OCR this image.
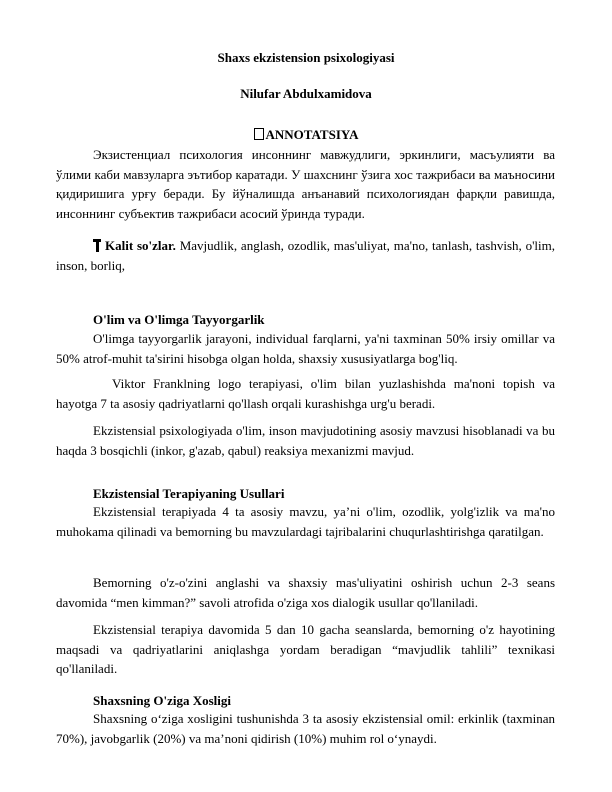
Shaxs ekzistension psixologiyasi
Nilufar Abdulxamidova
ANNOTATSIYA
Экзистенциал психология инсоннинг мавжудлиги, эркинлиги, масъулияти ва ўлими каби мавзуларга эътибор каратади. У шахснинг ўзига хос тажрибаси ва маъносини қидиришига урғу беради. Бу йўналишда анъанавий психологиядан фарқли равишда, инсоннинг субъектив тажрибаси асосий ўринда туради.
Kalit so'zlar. Mavjudlik, anglash, ozodlik, mas'uliyat, ma'no, tanlash, tashvish, o'lim, inson, borliq,
O'lim va O'limga Tayyorgarlik
O'limga tayyorgarlik jarayoni, individual farqlarni, ya'ni taxminan 50% irsiy omillar va 50% atrof-muhit ta'sirini hisobga olgan holda, shaxsiy xususiyatlarga bog'liq.
Viktor Franklning logo terapiyasi, o'lim bilan yuzlashishda ma'noni topish va hayotga 7 ta asosiy qadriyatlarni qo'llash orqali kurashishga urg'u beradi.
Ekzistensial psixologiyada o'lim, inson mavjudotining asosiy mavzusi hisoblanadi va bu haqda 3 bosqichli (inkor, g'azab, qabul) reaksiya mexanizmi mavjud.
Ekzistensial Terapiyaning Usullari
Ekzistensial terapiyada 4 ta asosiy mavzu, ya’ni o'lim, ozodlik, yolg'izlik va ma'no muhokama qilinadi va bemorning bu mavzulardagi tajribalarini chuqurlashtirishga qaratilgan.
Bemorning o'z-o'zini anglashi va shaxsiy mas'uliyatini oshirish uchun 2-3 seans davomida “men kimman?” savoli atrofida o'ziga xos dialogik usullar qo'llaniladi.
Ekzistensial terapiya davomida 5 dan 10 gacha seanslarda, bemorning o'z hayotining maqsadi va qadriyatlarini aniqlashga yordam beradigan “mavjudlik tahlili” texnikasi qo'llaniladi.
Shaxsning O'ziga Xosligi
Shaxsning o‘ziga xosligini tushunishda 3 ta asosiy ekzistensial omil: erkinlik (taxminan 70%), javobgarlik (20%) va ma’noni qidirish (10%) muhim rol o‘ynaydi.
